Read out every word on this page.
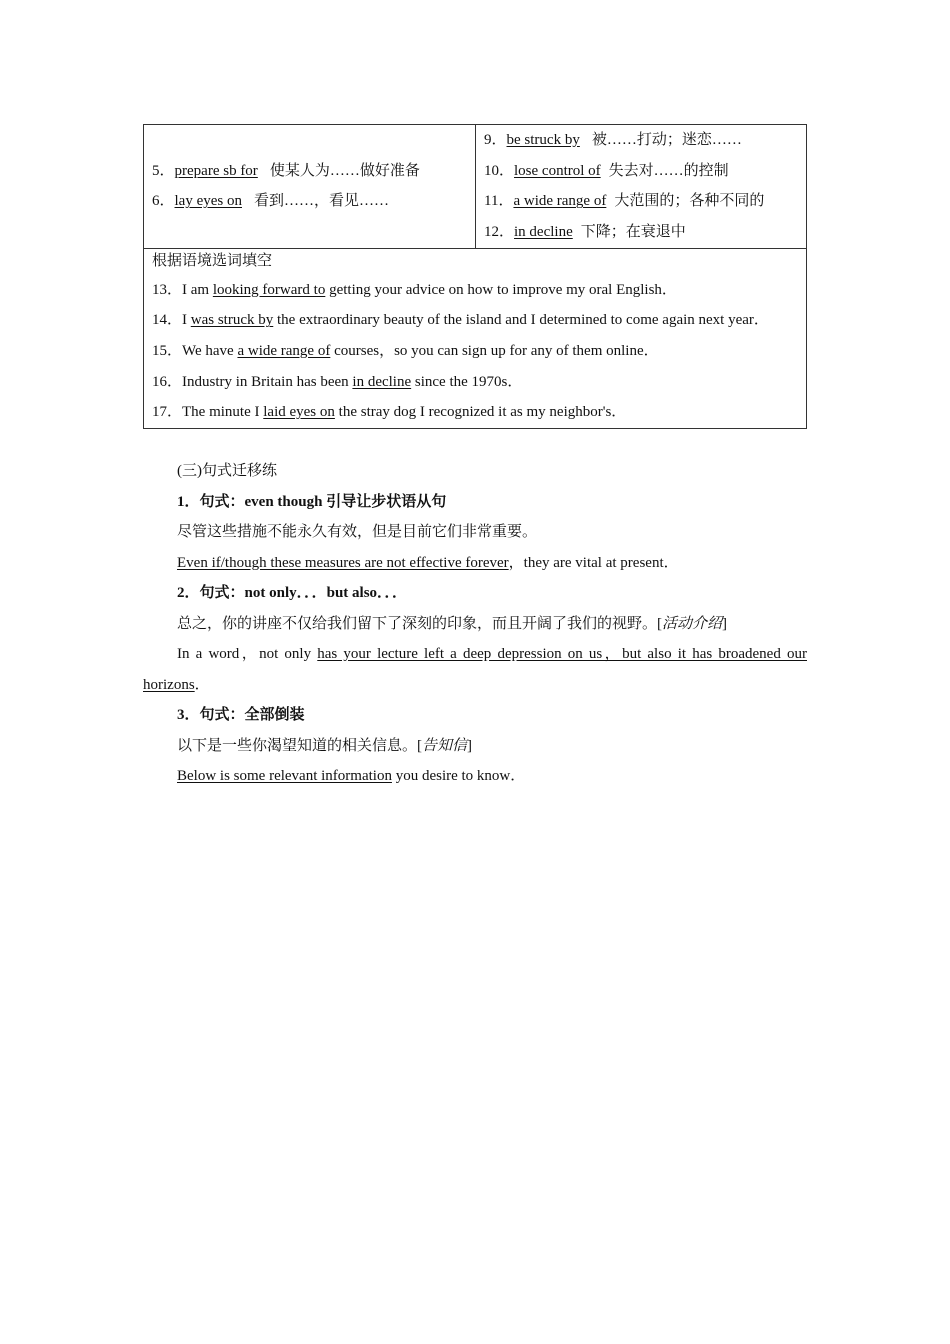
5．prepare sb for 使某人为……做好准备
6．lay eyes on 看到……，看见……

9．be struck by 被……打动；迷恋……
10．lose control of 失去对……的控制
11．a wide range of 大范围的；各种不同的
12．in decline 下降；在衰退中

根据语境选词填空
13．I am looking forward to getting your advice on how to improve my oral English．
14．I was struck by the extraordinary beauty of the island and I determined to come again next year．
15．We have a wide range of courses，so you can sign up for any of them online．
16．Industry in Britain has been in decline since the 1970s．
17．The minute I laid eyes on the stray dog I recognized it as my neighbor's．
(三)句式迁移练
1．句式：even though 引导让步状语从句
尽管这些措施不能永久有效，但是目前它们非常重要。
Even if/though these measures are not effective forever，they are vital at present．
2．句式：not only．．．but also．．．
总之，你的讲座不仅给我们留下了深刻的印象，而且开阔了我们的视野。[活动介绍]
In a word，not only has your lecture left a deep depression on us，but also it has broadened our horizons．
3．句式：全部倒装
以下是一些你渴望知道的相关信息。[告知信]
Below is some relevant information you desire to know．
